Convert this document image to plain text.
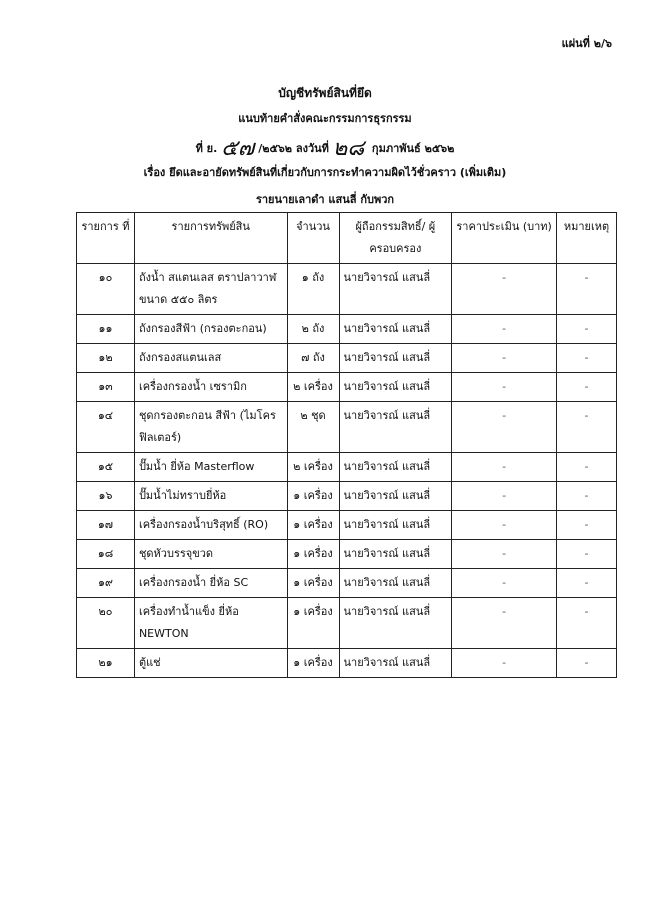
แผ่นที่ ๒/๖
บัญชีทรัพย์สินที่ยึด
แนบท้ายคำสั่งคณะกรรมการธุรกรรม
ที่ ย. ๕๗ /๒๕๖๒ ลงวันที่ ๒๘ กุมภาพันธ์ ๒๕๖๒
เรื่อง ยึดและอายัดทรัพย์สินที่เกี่ยวกับการกระทำความผิดไว้ชั่วคราว (เพิ่มเติม)
รายนายเลาดำ แสนลี่ กับพวก
รายการ ที่	รายการทรัพย์สิน	จำนวน	ผู้ถือกรรมสิทธิ์/ ผู้ครอบครอง	ราคาประเมิน (บาท)	หมายเหตุ
๑๐	ถังน้ำ สแตนเลส ตราปลาวาฬ ขนาด ๕๕๐ ลิตร	๑ ถัง	นายวิจารณ์ แสนลี่	-	-
๑๑	ถังกรองสีฟ้า (กรองตะกอน)	๒ ถัง	นายวิจารณ์ แสนลี่	-	-
๑๒	ถังกรองสแตนเลส	๗ ถัง	นายวิจารณ์ แสนลี่	-	-
๑๓	เครื่องกรองน้ำ เซรามิก	๒ เครื่อง	นายวิจารณ์ แสนลี่	-	-
๑๔	ชุดกรองตะกอน สีฟ้า (ไมโครฟิลเตอร์)	๒ ชุด	นายวิจารณ์ แสนลี่	-	-
๑๕	ปั๊มน้ำ ยี่ห้อ Masterflow	๒ เครื่อง	นายวิจารณ์ แสนลี่	-	-
๑๖	ปั๊มน้ำไม่ทราบยี่ห้อ	๑ เครื่อง	นายวิจารณ์ แสนลี่	-	-
๑๗	เครื่องกรองน้ำบริสุทธิ์ (RO)	๑ เครื่อง	นายวิจารณ์ แสนลี่	-	-
๑๘	ชุดหัวบรรจุขวด	๑ เครื่อง	นายวิจารณ์ แสนลี่	-	-
๑๙	เครื่องกรองน้ำ ยี่ห้อ SC	๑ เครื่อง	นายวิจารณ์ แสนลี่	-	-
๒๐	เครื่องทำน้ำแข็ง ยี่ห้อ NEWTON	๑ เครื่อง	นายวิจารณ์ แสนลี่	-	-
๒๑	ตู้แช่	๑ เครื่อง	นายวิจารณ์ แสนลี่	-	-
